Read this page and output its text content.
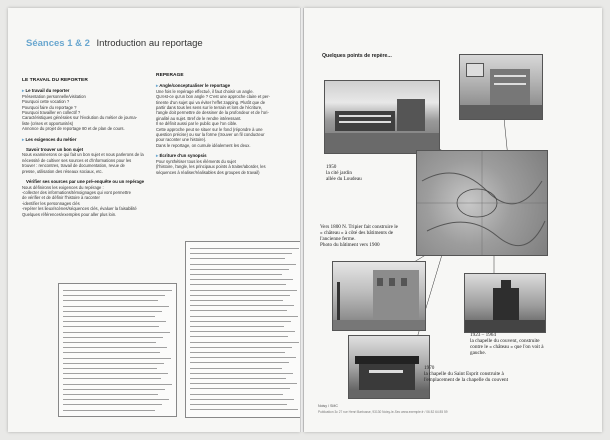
Séances 1 & 2 Introduction au reportage
LE TRAVAIL DU REPORTER
▸ Le travail du reporter
Présentation personnelle/visitation
Pourquoi cette vocation ?
Pourquoi faire du reportage ?
Pourquoi travailler en collectif ?
Caractéristiques générales sur l'évolution du métier de journa-
liste (crises et opportunités)
Annonce du projet de reportage 80 et de plan de cours.
▸ Les exigences du métier
Savoir trouver un bon sujet
Nous examinerons ce qui fait un bon sujet et nous parlerons de la
nécessité de cultiver ses sources et d'informations pour les
trouver : rencontres, travail de documentation, revue de
presse, utilisation des réseaux sociaux, etc.
Vérifier ses sources par une pré-enquête ou un repérage
Nous définirons les exigences du repérage :
-collecter des informations/témoignages qui vont permettre
de vérifier et de définir l'histoire à raconter
-identifier les personnages clés
-repérer les lieux/scènes/séquences clés, évaluer la faisabilité
Quelques références/exemples pour aller plus loin.
REPERAGE
▸ Angle/conceptualiser le reportage
Une fois le repérage effectué, il faut choisir un angle.
Qu'est-ce qu'un bon angle ? C'est une approche claire et per-
tinente d'un sujet qui va éviter l'effet zapping. Plutôt que de
partir dans tous les sens sur le terrain et lors de l'écriture,
l'angle doit permettre de dessiner de la profondeur et de l'ori-
ginalité au sujet. Bref de le rendre intéressant.
Il se définit aussi par le public que l'on cible.
Cette approche peut se situer sur le fond (répondre à une
question précise) ou sur la forme (trouver un fil conducteur
pour raconter une histoire).
Dans le reportage, on cumule idéalement les deux.
▸ Écriture d'un synopsis
Pour synthétiser tous les éléments du sujet
(l'histoire, l'angle, les principaux points à traiter/aborder, les
séquences à réaliser/réalisables des groupes de travail)
Quelques points de repère...
1950
la cité jardin
allée du Loudeau
Vers 1800 N. Tripier fait construire le
« château » à côté des bâtiments de
l'ancienne ferme.
Photo du bâtiment vers 1900
1923 – 1964
la chapelle du couvent, construite
contre le « château » que l'on voit à
gauche.
1970
la chapelle du Saint Esprit construite à
l'emplacement de la chapelle du couvent
Noisy / SMC
Publication 3c 27 rue Henri Barbusse, 93130 Noisy-le-Sec www.exemple.fr / 06 82 64 85 59
